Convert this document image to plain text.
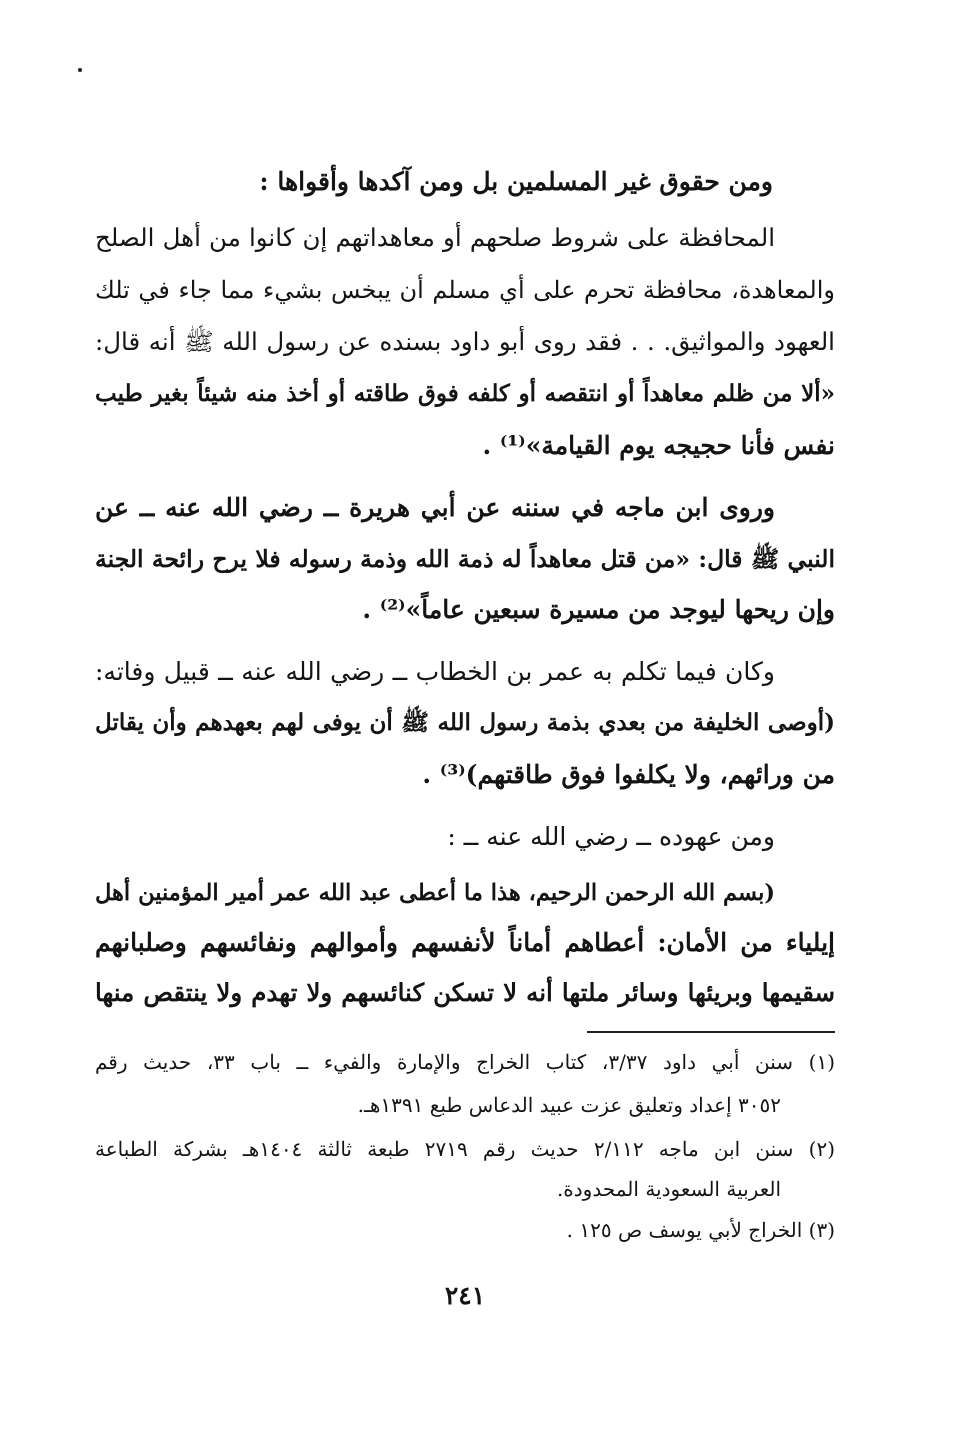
ومن حقوق غير المسلمين بل ومن آكدها وأقواها :
المحافظة على شروط صلحهم أو معاهداتهم إن كانوا من أهل الصلح
والمعاهدة، محافظة تحرم على أي مسلم أن يبخس بشيء مما جاء في تلك
العهود والمواثيق. . . فقد روى أبو داود بسنده عن رسول الله ﷺ أنه قال:
«ألا من ظلم معاهداً أو انتقصه أو كلفه فوق طاقته أو أخذ منه شيئاً بغير طيب
نفس فأنا حجيجه يوم القيامة»⁽¹⁾ .
وروى ابن ماجه في سننه عن أبي هريرة ــ رضي الله عنه ــ عن
النبي ﷺ قال: «من قتل معاهداً له ذمة الله وذمة رسوله فلا يرح رائحة الجنة
وإن ريحها ليوجد من مسيرة سبعين عاماً»⁽²⁾ .
وكان فيما تكلم به عمر بن الخطاب ــ رضي الله عنه ــ قبيل وفاته:
(أوصى الخليفة من بعدي بذمة رسول الله ﷺ أن يوفى لهم بعهدهم وأن يقاتل
من ورائهم، ولا يكلفوا فوق طاقتهم)⁽³⁾ .
ومن عهوده ــ رضي الله عنه ــ :
(بسم الله الرحمن الرحيم، هذا ما أعطى عبد الله عمر أمير المؤمنين أهل
إيلياء من الأمان: أعطاهم أماناً لأنفسهم وأموالهم ونفائسهم وصلبانهم
سقيمها وبريئها وسائر ملتها أنه لا تسكن كنائسهم ولا تهدم ولا ينتقص منها
(١) سنن أبي داود ٣/٣٧، كتاب الخراج والإمارة والفيء ــ باب ٣٣، حديث رقم
٣٠٥٢ إعداد وتعليق عزت عبيد الدعاس طبع ١٣٩١هـ.
(٢) سنن ابن ماجه ٢/١١٢ حديث رقم ٢٧١٩ طبعة ثالثة ١٤٠٤هـ بشركة الطباعة
العربية السعودية المحدودة.
(٣) الخراج لأبي يوسف ص ١٢٥ .
٢٤١
